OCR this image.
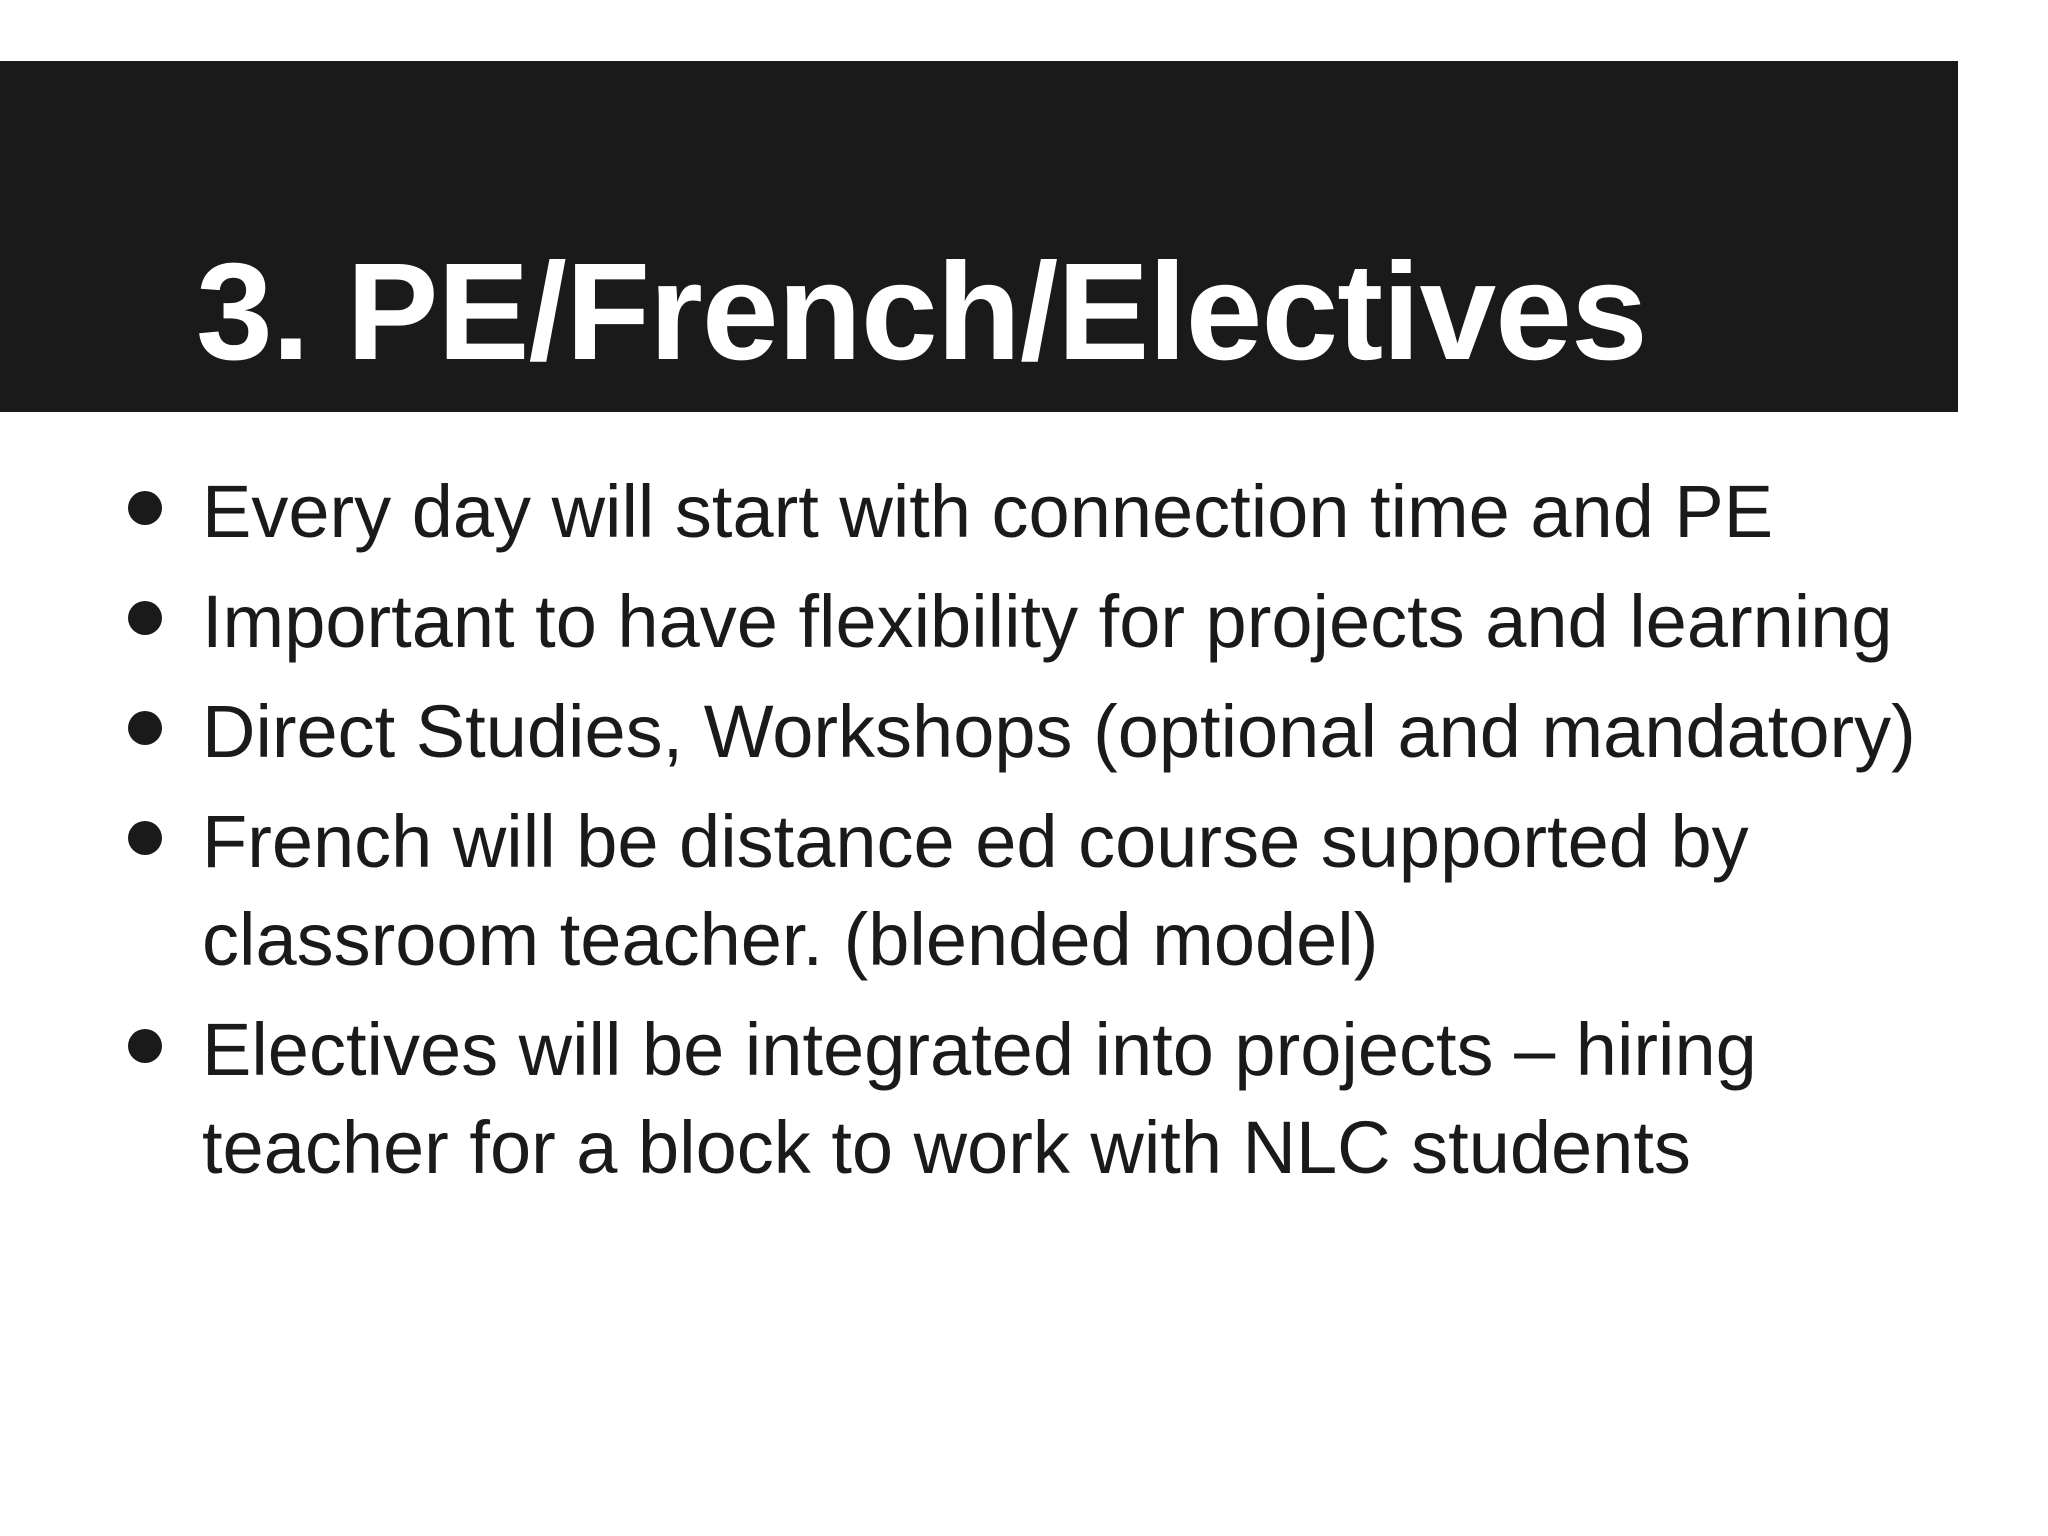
3. PE/French/Electives
Every day will start with connection time and PE
Important to have flexibility for projects and learning
Direct Studies, Workshops (optional and mandatory)
French will be distance ed course supported by classroom teacher. (blended model)
Electives will be integrated into projects – hiring teacher for a block to work with NLC students
